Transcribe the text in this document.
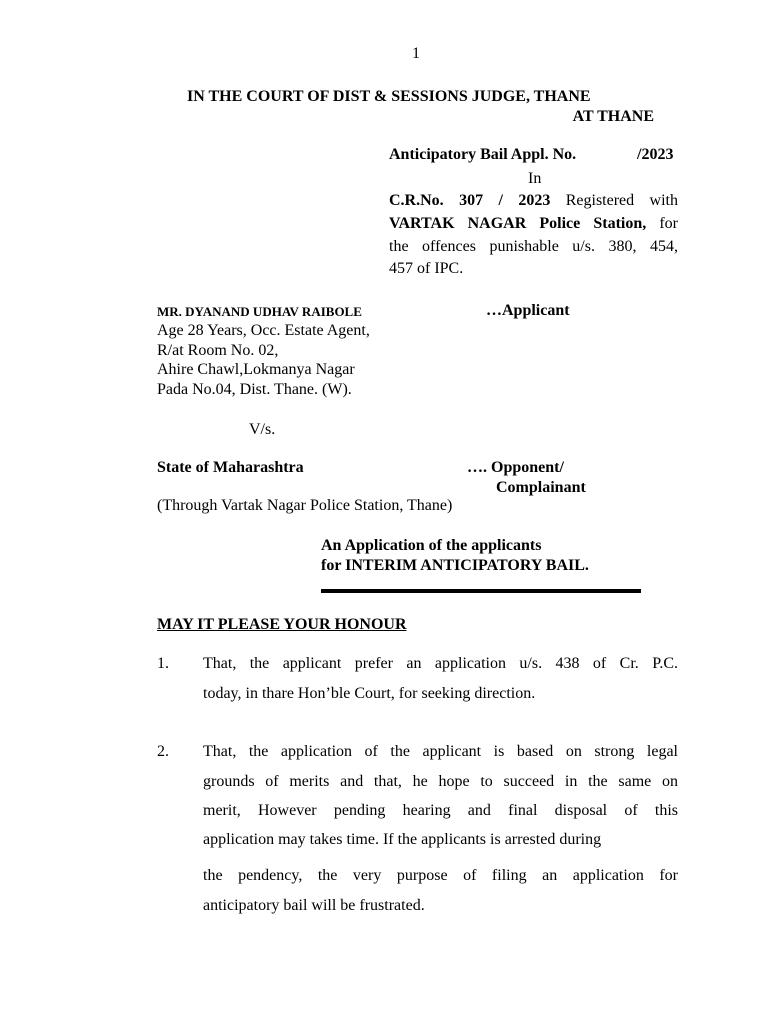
1
IN THE COURT OF DIST & SESSIONS JUDGE, THANE
AT THANE
Anticipatory Bail Appl. No.	/2023
In
C.R.No. 307 / 2023 Registered with
VARTAK NAGAR Police Station, for
the offences punishable u/s. 380, 454,
457 of IPC.
MR. DYANAND UDHAV RAIBOLE	…Applicant
Age 28 Years, Occ. Estate Agent,
R/at Room No. 02,
Ahire Chawl,Lokmanya Nagar
Pada No.04, Dist. Thane. (W).
V/s.
State of Maharashtra	…. Opponent/
Complainant
(Through Vartak Nagar Police Station, Thane)
An Application of the applicants
for INTERIM ANTICIPATORY BAIL.
MAY IT PLEASE YOUR HONOUR
1. That, the applicant prefer an application u/s. 438 of Cr. P.C.
today, in thare Hon’ble Court, for seeking direction.
2. That, the application of the applicant is based on strong legal
grounds of merits and that, he hope to succeed in the same on
merit, However pending hearing and final disposal of this
application may takes time. If the applicants is arrested during
the pendency, the very purpose of filing an application for
anticipatory bail will be frustrated.
